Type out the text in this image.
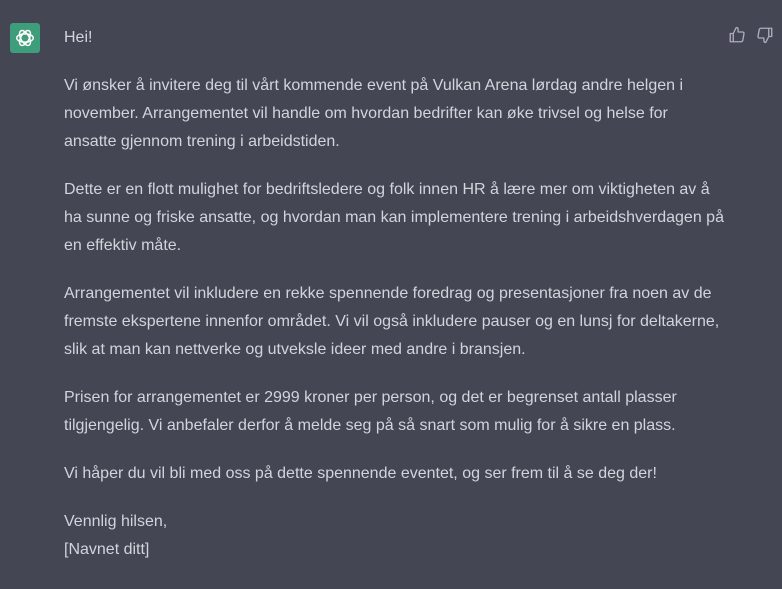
Hei!

Vi ønsker å invitere deg til vårt kommende event på Vulkan Arena lørdag andre helgen i november. Arrangementet vil handle om hvordan bedrifter kan øke trivsel og helse for ansatte gjennom trening i arbeidstiden.

Dette er en flott mulighet for bedriftsledere og folk innen HR å lære mer om viktigheten av å ha sunne og friske ansatte, og hvordan man kan implementere trening i arbeidshverdagen på en effektiv måte.

Arrangementet vil inkludere en rekke spennende foredrag og presentasjoner fra noen av de fremste ekspertene innenfor området. Vi vil også inkludere pauser og en lunsj for deltakerne, slik at man kan nettverke og utveksle ideer med andre i bransjen.

Prisen for arrangementet er 2999 kroner per person, og det er begrenset antall plasser tilgjengelig. Vi anbefaler derfor å melde seg på så snart som mulig for å sikre en plass.

Vi håper du vil bli med oss på dette spennende eventet, og ser frem til å se deg der!

Vennlig hilsen,
[Navnet ditt]
